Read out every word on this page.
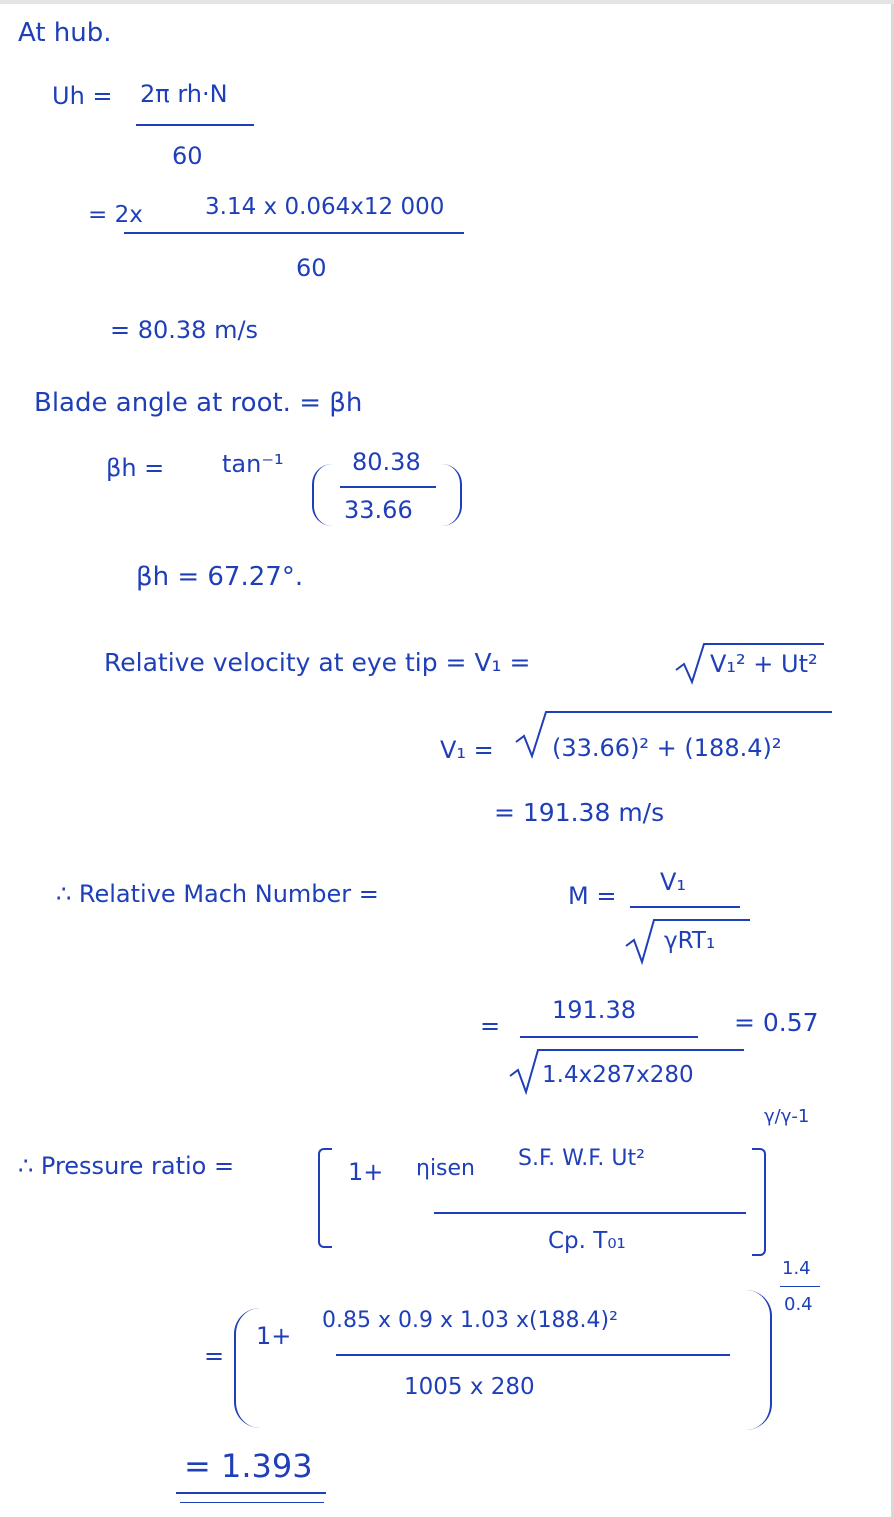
At hub.
Uh = 2π rh·N
60
= 2x	3.14 x 0.064x12 000
60
= 80.38 m/s
Blade angle at root. = βh
βh = tan⁻¹	80.38
33.66
βh = 67.27°.
Relative velocity at eye tip = V₁ =	V₁² + Ut²
V₁ = (33.66)² + (188.4)²
= 191.38 m/s
∴ Relative Mach Number =	M = V₁
γRT₁
=
191.38
1.4x287x280
= 0.57
∴ Pressure ratio =
γ/γ-1
1+ ηisen S.F. W.F. Ut²
Cp. T₀₁
=
1+
0.85 x 0.9 x 1.03 x(188.4)²
1005 x 280
1.4
0.4
= 1.393
